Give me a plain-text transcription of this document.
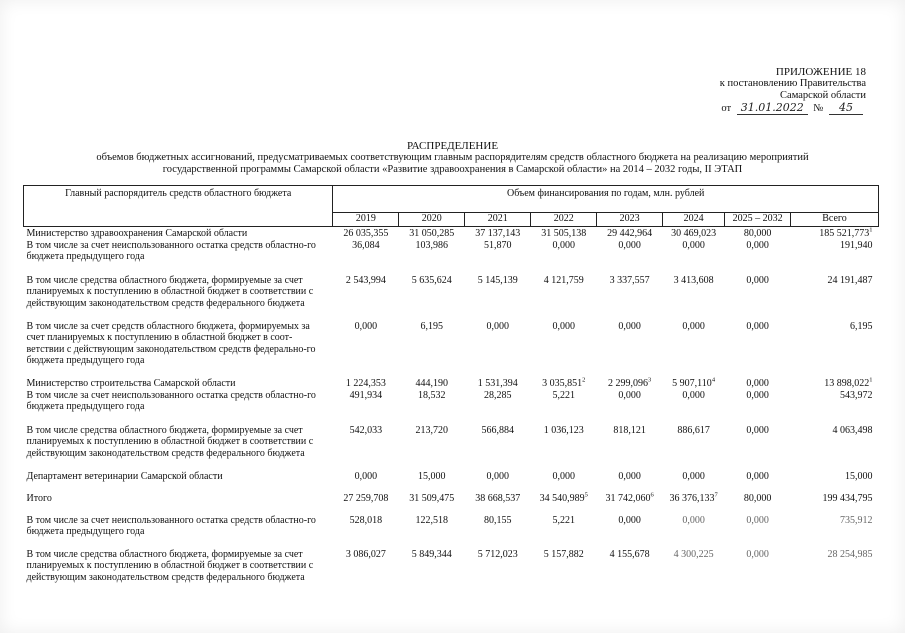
ПРИЛОЖЕНИЕ 18
к постановлению Правительства
Самарской области
от 31.01.2022 № 45
РАСПРЕДЕЛЕНИЕ
объемов бюджетных ассигнований, предусматриваемых соответствующим главным распорядителям средств областного бюджета на реализацию мероприятий
государственной программы Самарской области «Развитие здравоохранения в Самарской области» на 2014 – 2032 годы, II ЭТАП
Главный распорядитель средств областного бюджета	Объем финансирования по годам, млн. рублей							
	2019	2020	2021	2022	2023	2024	2025 – 2032	Всего
Министерство здравоохранения Самарской области	26 035,355	31 050,285	37 137,143	31 505,138	29 442,964	30 469,023	80,000	185 521,773$^1$
В том числе за счет неиспользованного остатка средств областно-го бюджета предыдущего года	36,084	103,986	51,870	0,000	0,000	0,000	0,000	191,940
В том числе средства областного бюджета, формируемые за счет планируемых к поступлению в областной бюджет в соответствии с действующим законодательством средств федерального бюджета	2 543,994	5 635,624	5 145,139	4 121,759	3 337,557	3 413,608	0,000	24 191,487
В том числе за счет средств областного бюджета, формируемых за счет планируемых к поступлению в областной бюджет в соот-ветствии с действующим законодательством средств федерально-го бюджета предыдущего года	0,000	6,195	0,000	0,000	0,000	0,000	0,000	6,195
Министерство строительства Самарской области	1 224,353	444,190	1 531,394	3 035,851$^2$	2 299,096$^3$	5 907,110$^4$	0,000	13 898,022$^1$
В том числе за счет неиспользованного остатка средств областно-го бюджета предыдущего года	491,934	18,532	28,285	5,221	0,000	0,000	0,000	543,972
В том числе средства областного бюджета, формируемые за счет планируемых к поступлению в областной бюджет в соответствии с действующим законодательством средств федерального бюджета	542,033	213,720	566,884	1 036,123	818,121	886,617	0,000	4 063,498
Департамент ветеринарии Самарской области	0,000	15,000	0,000	0,000	0,000	0,000	0,000	15,000
Итого	27 259,708	31 509,475	38 668,537	34 540,989$^5$	31 742,060$^6$	36 376,133$^7$	80,000	199 434,795
В том числе за счет неиспользованного остатка средств областно-го бюджета предыдущего года	528,018	122,518	80,155	5,221	0,000	0,000	0,000	735,912
В том числе средства областного бюджета, формируемые за счет планируемых к поступлению в областной бюджет в соответствии с действующим законодательством средств федерального бюджета	3 086,027	5 849,344	5 712,023	5 157,882	4 155,678	4 300,225	0,000	28 254,985
